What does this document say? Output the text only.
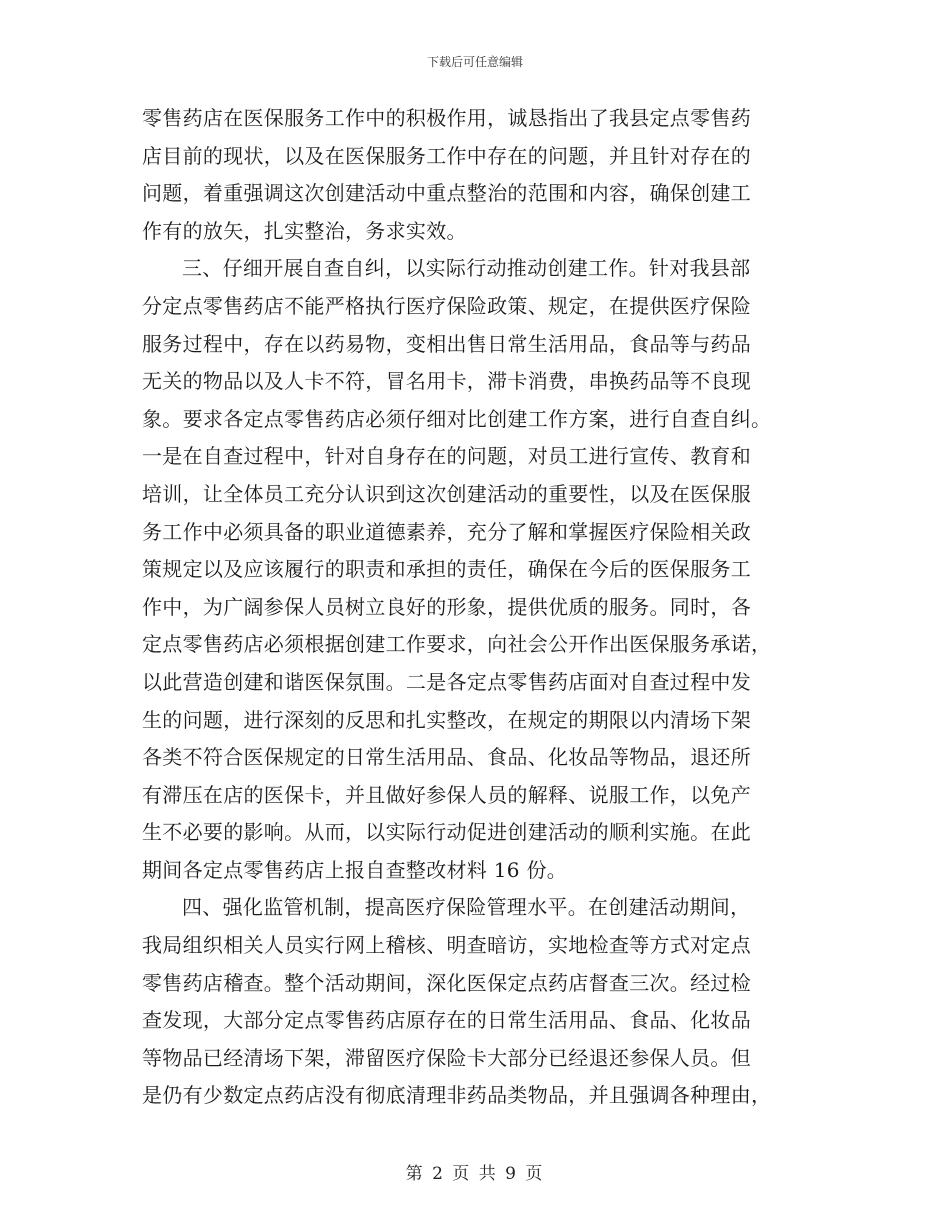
下载后可任意编辑
零售药店在医保服务工作中的积极作用，诚恳指出了我县定点零售药
店目前的现状，以及在医保服务工作中存在的问题，并且针对存在的
问题，着重强调这次创建活动中重点整治的范围和内容，确保创建工
作有的放矢，扎实整治，务求实效。
三、仔细开展自查自纠，以实际行动推动创建工作。针对我县部
分定点零售药店不能严格执行医疗保险政策、规定，在提供医疗保险
服务过程中，存在以药易物，变相出售日常生活用品，食品等与药品
无关的物品以及人卡不符，冒名用卡，滞卡消费，串换药品等不良现
象。要求各定点零售药店必须仔细对比创建工作方案，进行自查自纠。
一是在自查过程中，针对自身存在的问题，对员工进行宣传、教育和
培训，让全体员工充分认识到这次创建活动的重要性，以及在医保服
务工作中必须具备的职业道德素养，充分了解和掌握医疗保险相关政
策规定以及应该履行的职责和承担的责任，确保在今后的医保服务工
作中，为广阔参保人员树立良好的形象，提供优质的服务。同时，各
定点零售药店必须根据创建工作要求，向社会公开作出医保服务承诺，
以此营造创建和谐医保氛围。二是各定点零售药店面对自查过程中发
生的问题，进行深刻的反思和扎实整改，在规定的期限以内清场下架
各类不符合医保规定的日常生活用品、食品、化妆品等物品，退还所
有滞压在店的医保卡，并且做好参保人员的解释、说服工作，以免产
生不必要的影响。从而，以实际行动促进创建活动的顺利实施。在此
期间各定点零售药店上报自查整改材料 16 份。
四、强化监管机制，提高医疗保险管理水平。在创建活动期间，
我局组织相关人员实行网上稽核、明查暗访，实地检查等方式对定点
零售药店稽查。整个活动期间，深化医保定点药店督查三次。经过检
查发现，大部分定点零售药店原存在的日常生活用品、食品、化妆品
等物品已经清场下架，滞留医疗保险卡大部分已经退还参保人员。但
是仍有少数定点药店没有彻底清理非药品类物品，并且强调各种理由，
第 2 页 共 9 页
